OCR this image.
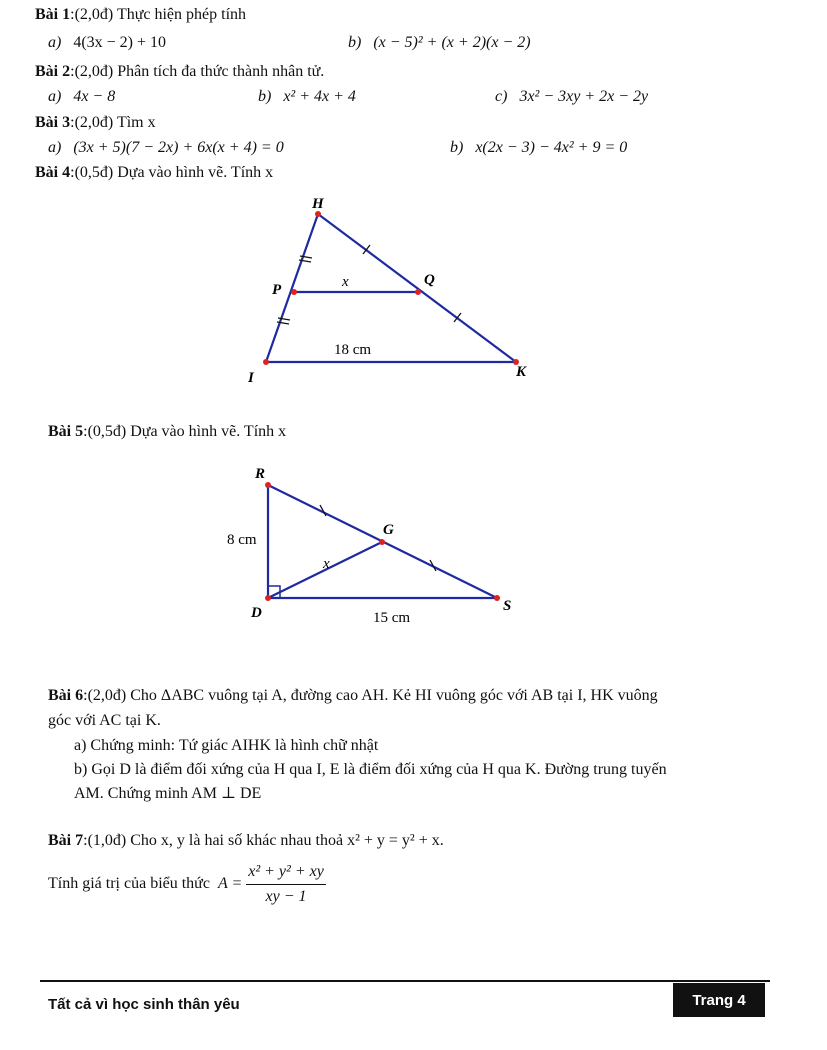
Bài 1:(2,0đ) Thực hiện phép tính
a) 4(3x − 2) + 10	b) (x − 5)² + (x + 2)(x − 2)
Bài 2:(2,0đ) Phân tích đa thức thành nhân tử.
a) 4x − 8	b) x² + 4x + 4	c) 3x² − 3xy + 2x − 2y
Bài 3:(2,0đ) Tìm x
a) (3x + 5)(7 − 2x) + 6x(x + 4) = 0	b) x(2x − 3) − 4x² + 9 = 0
Bài 4:(0,5đ) Dựa vào hình vẽ. Tính x
H
P
Q
I	K
x
18 cm
Bài 5:(0,5đ) Dựa vào hình vẽ. Tính x
R
G
D	S
x
8 cm
15 cm
Bài 6:(2,0đ) Cho ΔABC vuông tại A, đường cao AH. Kẻ HI vuông góc với AB tại I, HK vuông
góc với AC tại K.
a) Chứng minh: Tứ giác AIHK là hình chữ nhật
b) Gọi D là điểm đối xứng của H qua I, E là điểm đối xứng của H qua K. Đường trung tuyến
AM. Chứng minh AM ⊥ DE
Bài 7:(1,0đ) Cho x, y là hai số khác nhau thoả x² + y = y² + x.
Tính giá trị của biểu thức $A = \frac{\text{x² + y² + xy}}{xy - 1}$
Tất cả vì học sinh thân yêu	Trang 4
